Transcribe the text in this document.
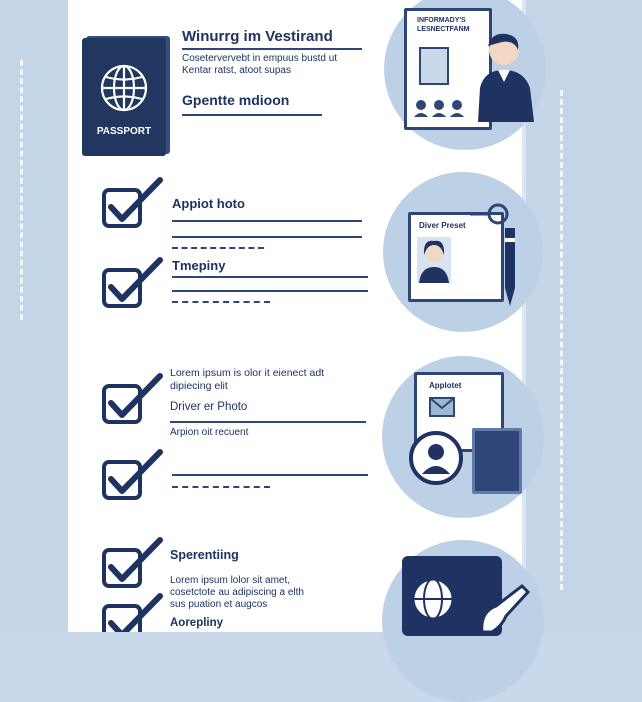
PASSPORT
Winurrg im Vestirand
Cosetervervebt in empuus bustd ut
Kentar ratst, atoot supas
Gpentte mdioon
Appiot hoto
Tmepiny
Lorem ipsum is olor it eienect adt
dipiecing elit
Driver er Photo
Arpion oit recuent
Sperentiing
Lorem ipsum lolor sit amet,
cosetctote au adipiscing a elth
sus puation et augcos
Aorepliny
INFORMADY'S
LESNECTFANM
Diver Preset
Applotet
